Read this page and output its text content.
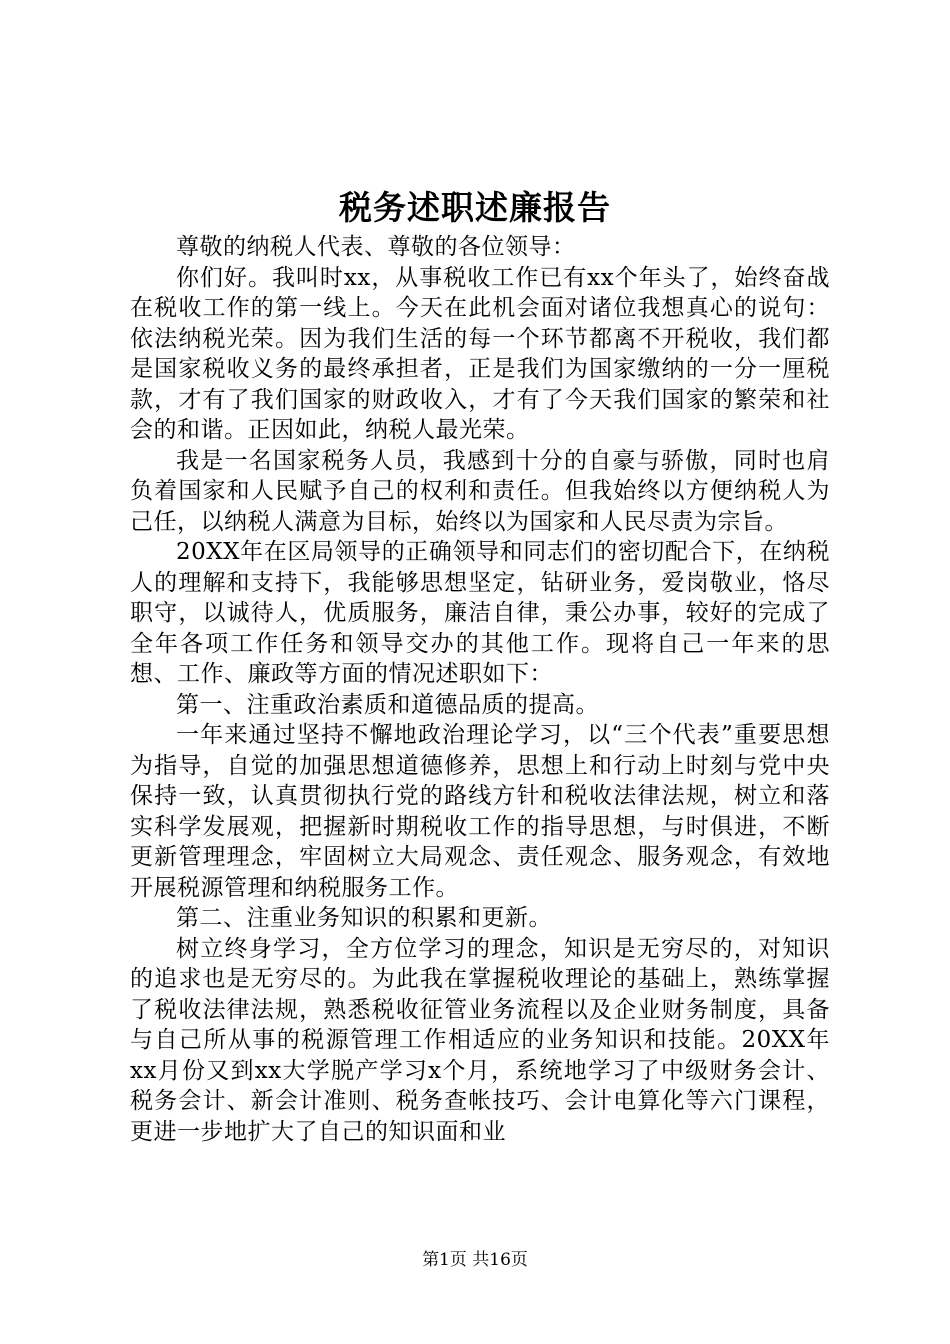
税务述职述廉报告

尊敬的纳税人代表、尊敬的各位领导：

你们好。我叫时xx，从事税收工作已有xx个年头了，始终奋战在税收工作的第一线上。今天在此机会面对诸位我想真心的说句：依法纳税光荣。因为我们生活的每一个环节都离不开税收，我们都是国家税收义务的最终承担者，正是我们为国家缴纳的一分一厘税款，才有了我们国家的财政收入，才有了今天我们国家的繁荣和社会的和谐。正因如此，纳税人最光荣。

我是一名国家税务人员，我感到十分的自豪与骄傲，同时也肩负着国家和人民赋予自己的权利和责任。但我始终以方便纳税人为己任，以纳税人满意为目标，始终以为国家和人民尽责为宗旨。

20XX年在区局领导的正确领导和同志们的密切配合下，在纳税人的理解和支持下，我能够思想坚定，钻研业务，爱岗敬业，恪尽职守，以诚待人，优质服务，廉洁自律，秉公办事，较好的完成了全年各项工作任务和领导交办的其他工作。现将自己一年来的思想、工作、廉政等方面的情况述职如下：

第一、注重政治素质和道德品质的提高。

一年来通过坚持不懈地政治理论学习，以“三个代表”重要思想为指导，自觉的加强思想道德修养，思想上和行动上时刻与党中央保持一致，认真贯彻执行党的路线方针和税收法律法规，树立和落实科学发展观，把握新时期税收工作的指导思想，与时俱进，不断更新管理理念，牢固树立大局观念、责任观念、服务观念，有效地开展税源管理和纳税服务工作。

第二、注重业务知识的积累和更新。

树立终身学习，全方位学习的理念，知识是无穷尽的，对知识的追求也是无穷尽的。为此我在掌握税收理论的基础上，熟练掌握了税收法律法规，熟悉税收征管业务流程以及企业财务制度，具备与自己所从事的税源管理工作相适应的业务知识和技能。20XX年xx月份又到xx大学脱产学习x个月，系统地学习了中级财务会计、税务会计、新会计准则、税务查帐技巧、会计电算化等六门课程，更进一步地扩大了自己的知识面和业

第1页 共16页
